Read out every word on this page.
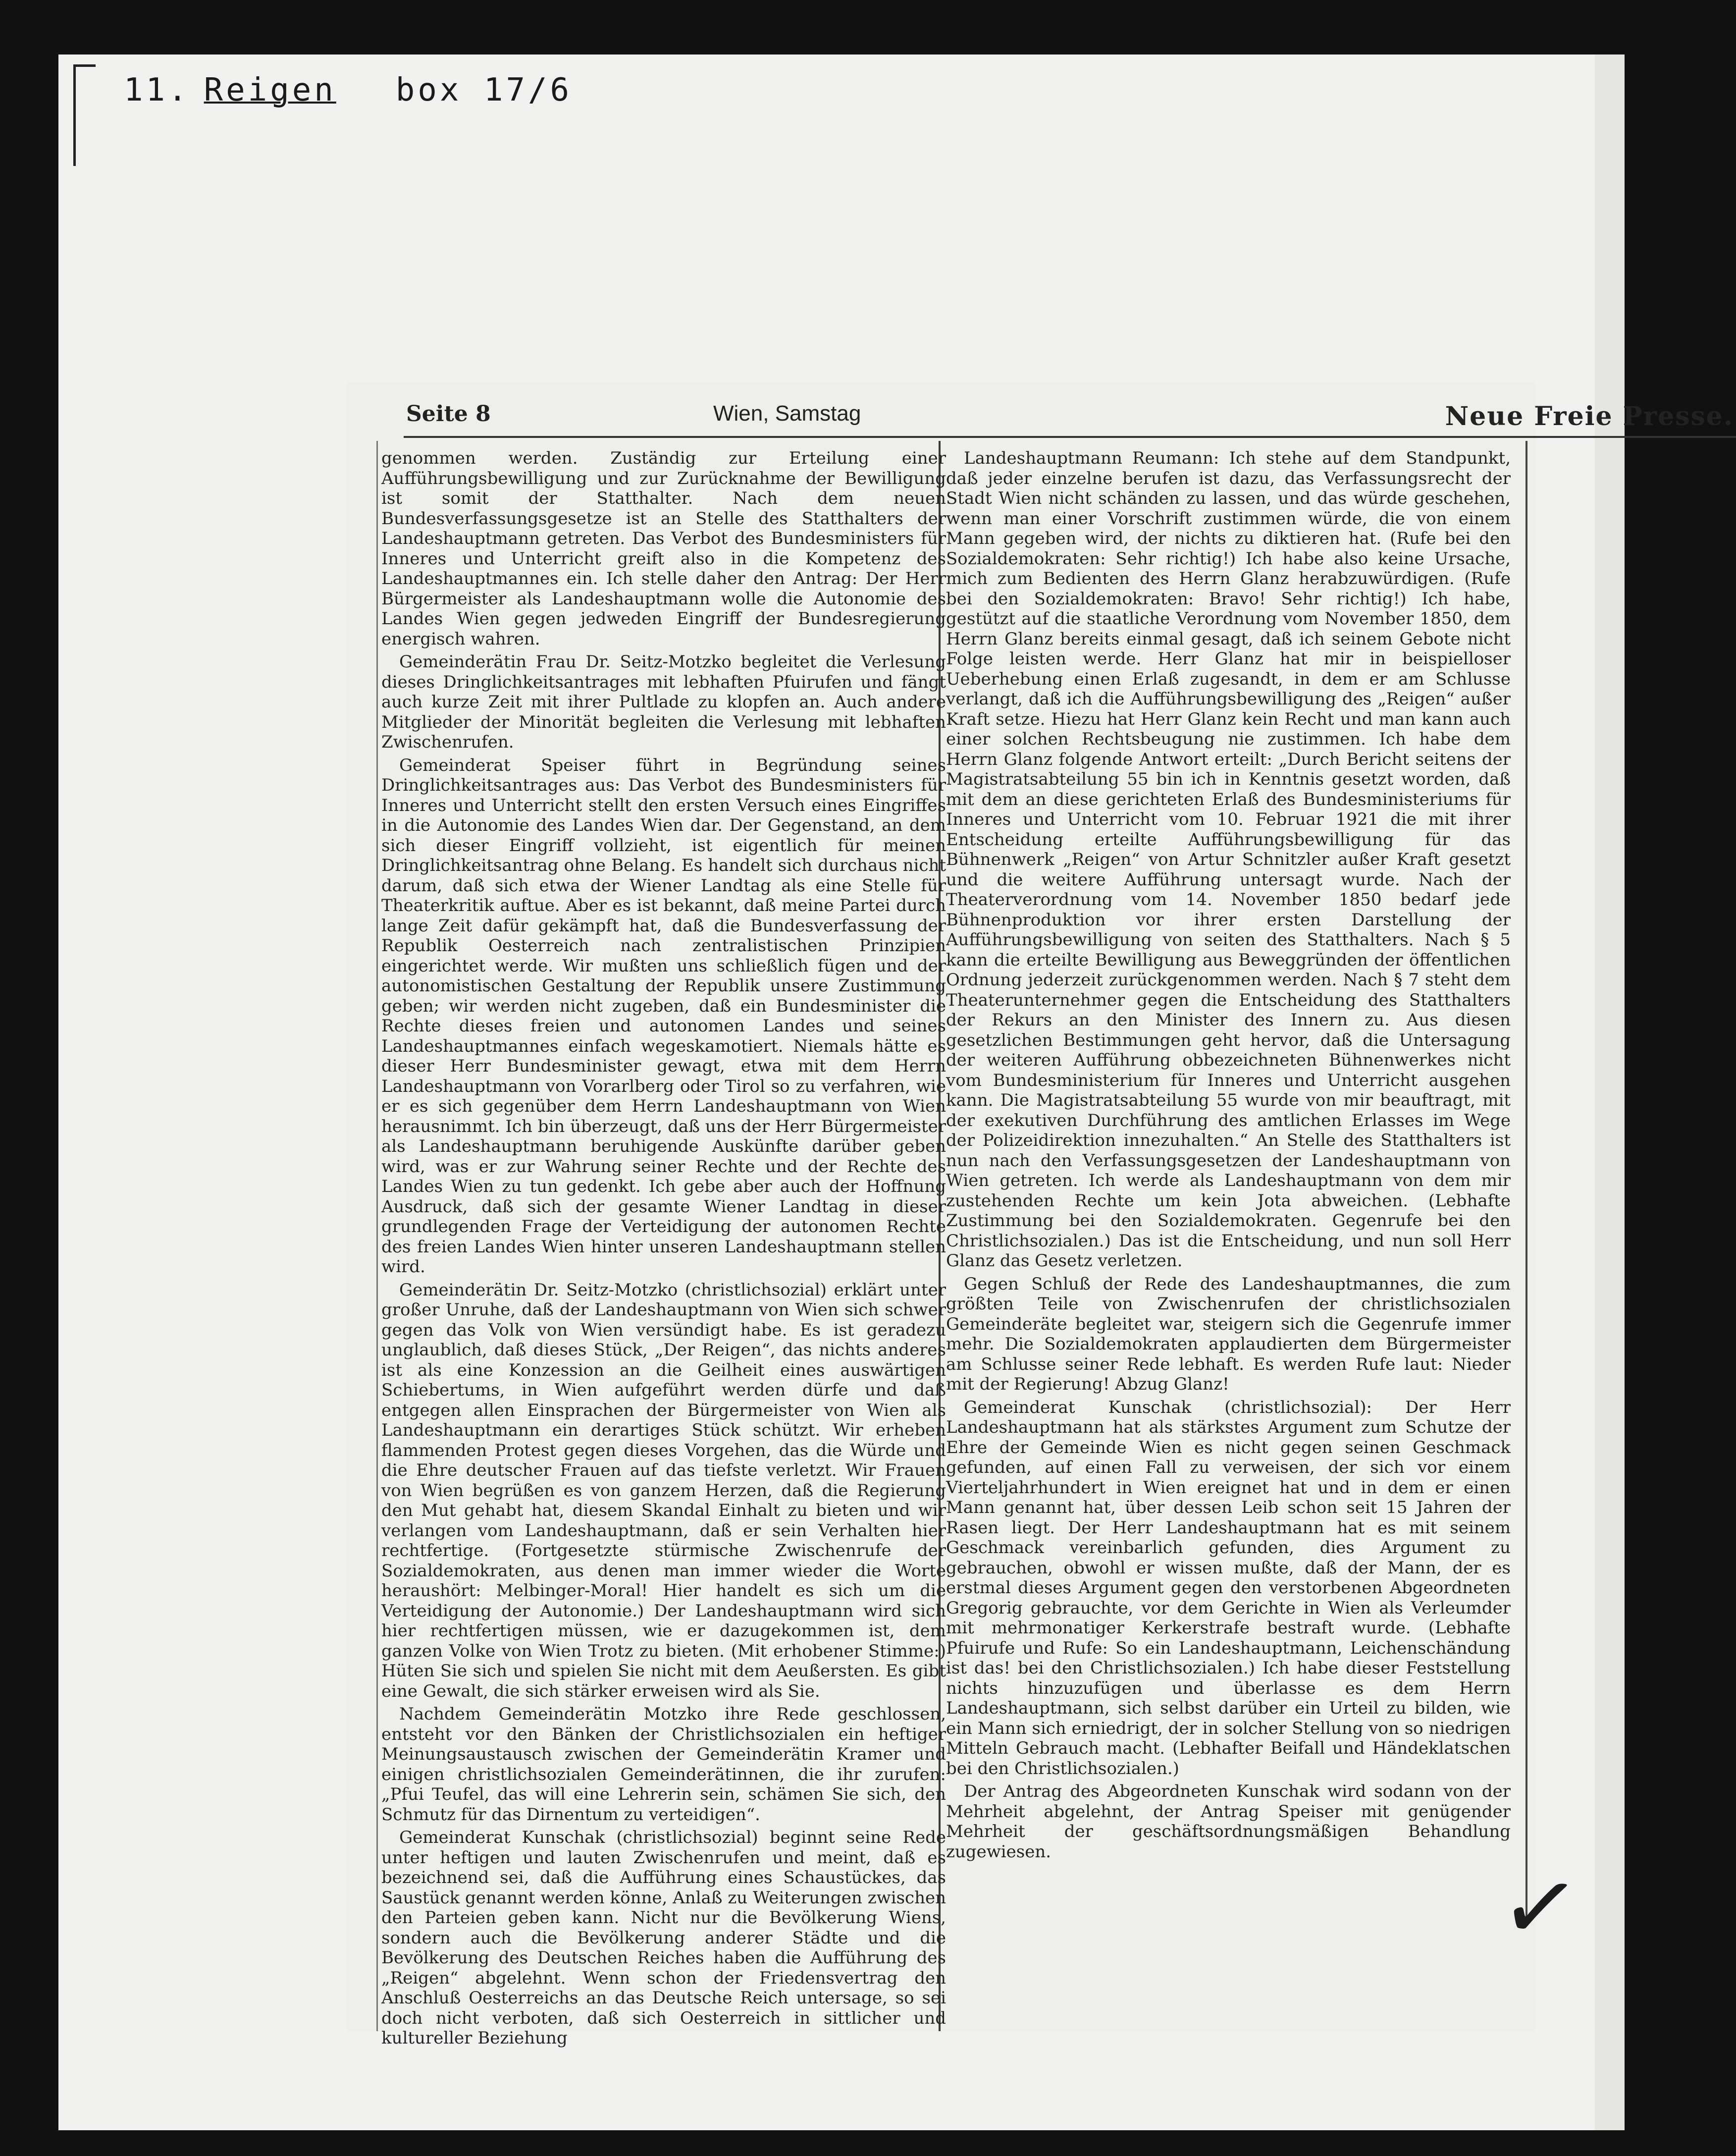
11. Reigen box 17/6
Seite 8	Wien, Samstag	Neue Freie Presse.

genommen werden. Zuständig zur Erteilung einer Aufführungsbewilligung und zur Zurücknahme der Bewilligung ist somit der Statthalter. Nach dem neuen Bundesverfassungsgesetze ist an Stelle des Statthalters der Landeshauptmann getreten. Das Verbot des Bundesministers für Inneres und Unterricht greift also in die Kompetenz des Landeshauptmannes ein. Ich stelle daher den Antrag: Der Herr Bürgermeister als Landeshauptmann wolle die Autonomie des Landes Wien gegen jedweden Eingriff der Bundesregierung energisch wahren.

Gemeinderätin Frau Dr. Seitz-Motzko begleitet die Verlesung dieses Dringlichkeitsantrages mit lebhaften Pfuirufen und fängt auch kurze Zeit mit ihrer Pultlade zu klopfen an. Auch andere Mitglieder der Minorität begleiten die Verlesung mit lebhaften Zwischenrufen.

Gemeinderat Speiser führt in Begründung seines Dringlichkeitsantrages aus: Das Verbot des Bundesministers für Inneres und Unterricht stellt den ersten Versuch eines Eingriffes in die Autonomie des Landes Wien dar. Der Gegenstand, an dem sich dieser Eingriff vollzieht, ist eigentlich für meinen Dringlichkeitsantrag ohne Belang. Es handelt sich durchaus nicht darum, daß sich etwa der Wiener Landtag als eine Stelle für Theaterkritik auftue. Aber es ist bekannt, daß meine Partei durch lange Zeit dafür gekämpft hat, daß die Bundesverfassung der Republik Oesterreich nach zentralistischen Prinzipien eingerichtet werde. Wir mußten uns schließlich fügen und der autonomistischen Gestaltung der Republik unsere Zustimmung geben; wir werden nicht zugeben, daß ein Bundesminister die Rechte dieses freien und autonomen Landes und seines Landeshauptmannes einfach wegeskamotiert. Niemals hätte es dieser Herr Bundesminister gewagt, etwa mit dem Herrn Landeshauptmann von Vorarlberg oder Tirol so zu verfahren, wie er es sich gegenüber dem Herrn Landeshauptmann von Wien herausnimmt. Ich bin überzeugt, daß uns der Herr Bürgermeister als Landeshauptmann beruhigende Auskünfte darüber geben wird, was er zur Wahrung seiner Rechte und der Rechte des Landes Wien zu tun gedenkt. Ich gebe aber auch der Hoffnung Ausdruck, daß sich der gesamte Wiener Landtag in dieser grundlegenden Frage der Verteidigung der autonomen Rechte des freien Landes Wien hinter unseren Landeshauptmann stellen wird.

Gemeinderätin Dr. Seitz-Motzko (christlichsozial) erklärt unter großer Unruhe, daß der Landeshauptmann von Wien sich schwer gegen das Volk von Wien versündigt habe. Es ist geradezu unglaublich, daß dieses Stück, „Der Reigen“, das nichts anderes ist als eine Konzession an die Geilheit eines auswärtigen Schiebertums, in Wien aufgeführt werden dürfe und daß entgegen allen Einsprachen der Bürgermeister von Wien als Landeshauptmann ein derartiges Stück schützt. Wir erheben flammenden Protest gegen dieses Vorgehen, das die Würde und die Ehre deutscher Frauen auf das tiefste verletzt. Wir Frauen von Wien begrüßen es von ganzem Herzen, daß die Regierung den Mut gehabt hat, diesem Skandal Einhalt zu bieten und wir verlangen vom Landeshauptmann, daß er sein Verhalten hier rechtfertige. (Fortgesetzte stürmische Zwischenrufe der Sozialdemokraten, aus denen man immer wieder die Worte heraushört: Melbinger-Moral! Hier handelt es sich um die Verteidigung der Autonomie.) Der Landeshauptmann wird sich hier rechtfertigen müssen, wie er dazugekommen ist, dem ganzen Volke von Wien Trotz zu bieten. (Mit erhobener Stimme:) Hüten Sie sich und spielen Sie nicht mit dem Aeußersten. Es gibt eine Gewalt, die sich stärker erweisen wird als Sie.

Nachdem Gemeinderätin Motzko ihre Rede geschlossen, entsteht vor den Bänken der Christlichsozialen ein heftiger Meinungsaustausch zwischen der Gemeinderätin Kramer und einigen christlichsozialen Gemeinderätinnen, die ihr zurufen: „Pfui Teufel, das will eine Lehrerin sein, schämen Sie sich, den Schmutz für das Dirnentum zu verteidigen“.

Gemeinderat Kunschak (christlichsozial) beginnt seine Rede unter heftigen und lauten Zwischenrufen und meint, daß es bezeichnend sei, daß die Aufführung eines Schaustückes, das Saustück genannt werden könne, Anlaß zu Weiterungen zwischen den Parteien geben kann. Nicht nur die Bevölkerung Wiens, sondern auch die Bevölkerung anderer Städte und die Bevölkerung des Deutschen Reiches haben die Aufführung des „Reigen“ abgelehnt. Wenn schon der Friedensvertrag den Anschluß Oesterreichs an das Deutsche Reich untersage, so sei doch nicht verboten, daß sich Oesterreich in sittlicher und kultureller Beziehung

Landeshauptmann Reumann: Ich stehe auf dem Standpunkt, daß jeder einzelne berufen ist dazu, das Verfassungsrecht der Stadt Wien nicht schänden zu lassen, und das würde geschehen, wenn man einer Vorschrift zustimmen würde, die von einem Mann gegeben wird, der nichts zu diktieren hat. (Rufe bei den Sozialdemokraten: Sehr richtig!) Ich habe also keine Ursache, mich zum Bedienten des Herrn Glanz herabzuwürdigen. (Rufe bei den Sozialdemokraten: Bravo! Sehr richtig!) Ich habe, gestützt auf die staatliche Verordnung vom November 1850, dem Herrn Glanz bereits einmal gesagt, daß ich seinem Gebote nicht Folge leisten werde. Herr Glanz hat mir in beispielloser Ueberhebung einen Erlaß zugesandt, in dem er am Schlusse verlangt, daß ich die Aufführungsbewilligung des „Reigen“ außer Kraft setze. Hiezu hat Herr Glanz kein Recht und man kann auch einer solchen Rechtsbeugung nie zustimmen. Ich habe dem Herrn Glanz folgende Antwort erteilt: „Durch Bericht seitens der Magistratsabteilung 55 bin ich in Kenntnis gesetzt worden, daß mit dem an diese gerichteten Erlaß des Bundesministeriums für Inneres und Unterricht vom 10. Februar 1921 die mit ihrer Entscheidung erteilte Aufführungsbewilligung für das Bühnenwerk „Reigen“ von Artur Schnitzler außer Kraft gesetzt und die weitere Aufführung untersagt wurde. Nach der Theaterverordnung vom 14. November 1850 bedarf jede Bühnenproduktion vor ihrer ersten Darstellung der Aufführungsbewilligung von seiten des Statthalters. Nach § 5 kann die erteilte Bewilligung aus Beweggründen der öffentlichen Ordnung jederzeit zurückgenommen werden. Nach § 7 steht dem Theaterunternehmer gegen die Entscheidung des Statthalters der Rekurs an den Minister des Innern zu. Aus diesen gesetzlichen Bestimmungen geht hervor, daß die Untersagung der weiteren Aufführung obbezeichneten Bühnenwerkes nicht vom Bundesministerium für Inneres und Unterricht ausgehen kann. Die Magistratsabteilung 55 wurde von mir beauftragt, mit der exekutiven Durchführung des amtlichen Erlasses im Wege der Polizeidirektion innezuhalten.“ An Stelle des Statthalters ist nun nach den Verfassungsgesetzen der Landeshauptmann von Wien getreten. Ich werde als Landeshauptmann von dem mir zustehenden Rechte um kein Jota abweichen. (Lebhafte Zustimmung bei den Sozialdemokraten. Gegenrufe bei den Christlichsozialen.) Das ist die Entscheidung, und nun soll Herr Glanz das Gesetz verletzen.

Gegen Schluß der Rede des Landeshauptmannes, die zum größten Teile von Zwischenrufen der christlichsozialen Gemeinderäte begleitet war, steigern sich die Gegenrufe immer mehr. Die Sozialdemokraten applaudierten dem Bürgermeister am Schlusse seiner Rede lebhaft. Es werden Rufe laut: Nieder mit der Regierung! Abzug Glanz!

Gemeinderat Kunschak (christlichsozial): Der Herr Landeshauptmann hat als stärkstes Argument zum Schutze der Ehre der Gemeinde Wien es nicht gegen seinen Geschmack gefunden, auf einen Fall zu verweisen, der sich vor einem Vierteljahrhundert in Wien ereignet hat und in dem er einen Mann genannt hat, über dessen Leib schon seit 15 Jahren der Rasen liegt. Der Herr Landeshauptmann hat es mit seinem Geschmack vereinbarlich gefunden, dies Argument zu gebrauchen, obwohl er wissen mußte, daß der Mann, der es erstmal dieses Argument gegen den verstorbenen Abgeordneten Gregorig gebrauchte, vor dem Gerichte in Wien als Verleumder mit mehrmonatiger Kerkerstrafe bestraft wurde. (Lebhafte Pfuirufe und Rufe: So ein Landeshauptmann, Leichenschändung ist das! bei den Christlichsozialen.) Ich habe dieser Feststellung nichts hinzuzufügen und überlasse es dem Herrn Landeshauptmann, sich selbst darüber ein Urteil zu bilden, wie ein Mann sich erniedrigt, der in solcher Stellung von so niedrigen Mitteln Gebrauch macht. (Lebhafter Beifall und Händeklatschen bei den Christlichsozialen.)

Der Antrag des Abgeordneten Kunschak wird sodann von der Mehrheit abgelehnt, der Antrag Speiser mit genügender Mehrheit der geschäftsordnungsmäßigen Behandlung zugewiesen.	✓
